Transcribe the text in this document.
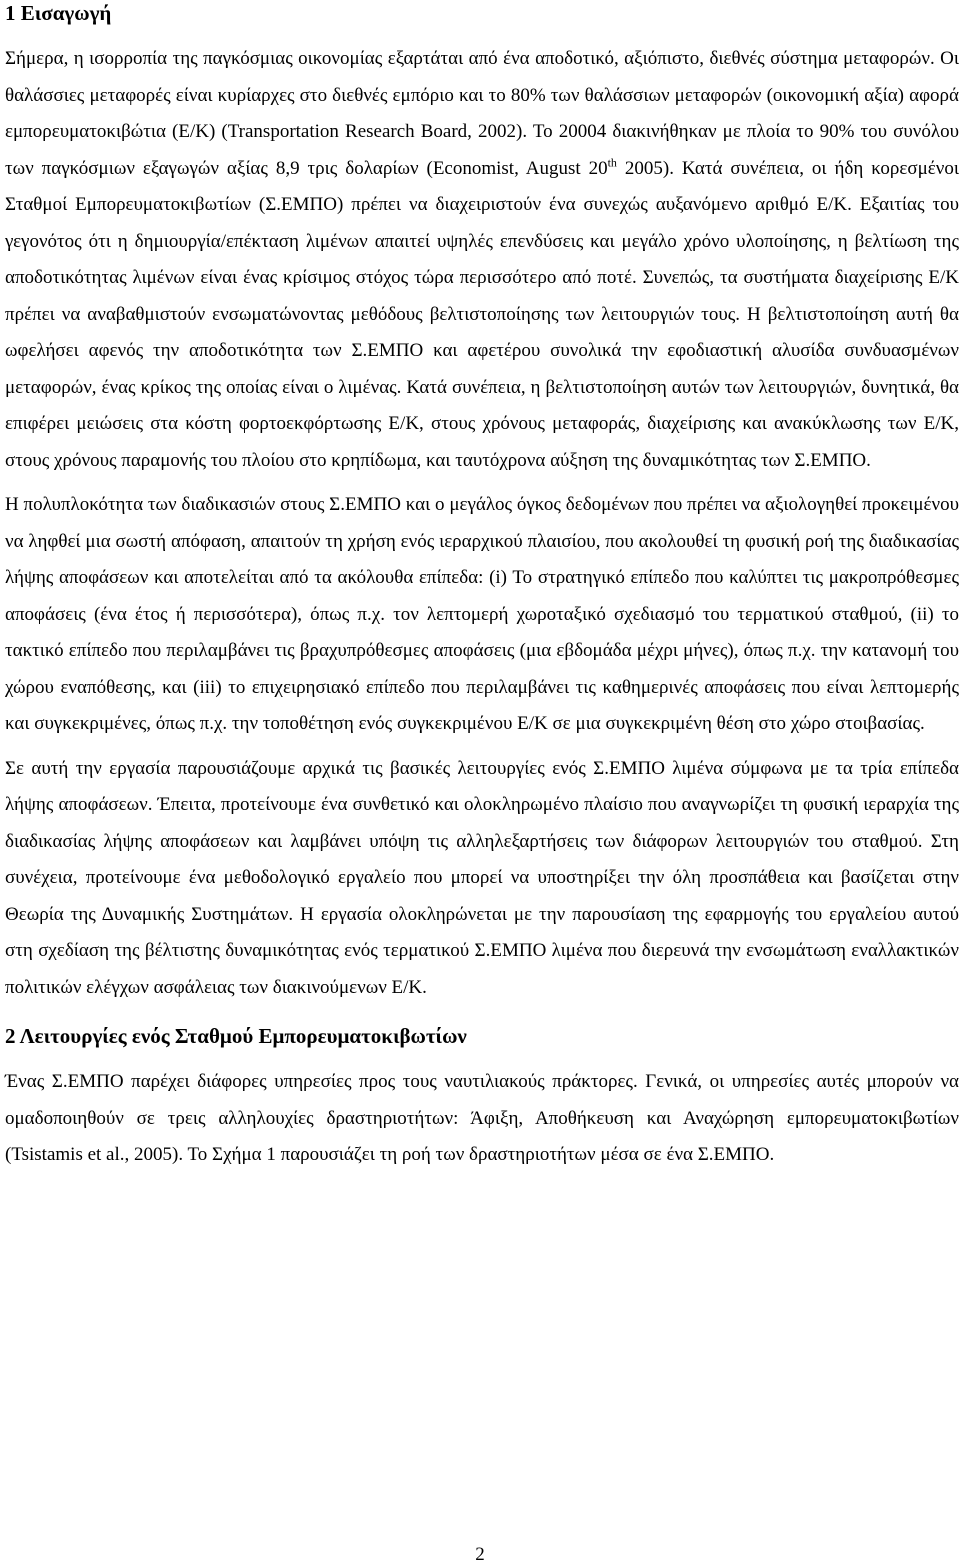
1 Εισαγωγή

Σήμερα, η ισορροπία της παγκόσμιας οικονομίας εξαρτάται από ένα αποδοτικό, αξιόπιστο, διεθνές σύστημα μεταφορών. Οι θαλάσσιες μεταφορές είναι κυρίαρχες στο διεθνές εμπόριο και το 80% των θαλάσσιων μεταφορών (οικονομική αξία) αφορά εμπορευματοκιβώτια (Ε/Κ) (Transportation Research Board, 2002). Το 20004 διακινήθηκαν με πλοία το 90% του συνόλου των παγκόσμιων εξαγωγών αξίας 8,9 τρις δολαρίων (Economist, August 20th 2005). Κατά συνέπεια, οι ήδη κορεσμένοι Σταθμοί Εμπορευματοκιβωτίων (Σ.ΕΜΠΟ) πρέπει να διαχειριστούν ένα συνεχώς αυξανόμενο αριθμό Ε/Κ. Εξαιτίας του γεγονότος ότι η δημιουργία/επέκταση λιμένων απαιτεί υψηλές επενδύσεις και μεγάλο χρόνο υλοποίησης, η βελτίωση της αποδοτικότητας λιμένων είναι ένας κρίσιμος στόχος τώρα περισσότερο από ποτέ. Συνεπώς, τα συστήματα διαχείρισης Ε/Κ πρέπει να αναβαθμιστούν ενσωματώνοντας μεθόδους βελτιστοποίησης των λειτουργιών τους. Η βελτιστοποίηση αυτή θα ωφελήσει αφενός την αποδοτικότητα των Σ.ΕΜΠΟ και αφετέρου συνολικά την εφοδιαστική αλυσίδα συνδυασμένων μεταφορών, ένας κρίκος της οποίας είναι ο λιμένας. Κατά συνέπεια, η βελτιστοποίηση αυτών των λειτουργιών, δυνητικά, θα επιφέρει μειώσεις στα κόστη φορτοεκφόρτωσης Ε/Κ, στους χρόνους μεταφοράς, διαχείρισης και ανακύκλωσης των Ε/Κ, στους χρόνους παραμονής του πλοίου στο κρηπίδωμα, και ταυτόχρονα αύξηση της δυναμικότητας των Σ.ΕΜΠΟ.

Η πολυπλοκότητα των διαδικασιών στους Σ.ΕΜΠΟ και ο μεγάλος όγκος δεδομένων που πρέπει να αξιολογηθεί προκειμένου να ληφθεί μια σωστή απόφαση, απαιτούν τη χρήση ενός ιεραρχικού πλαισίου, που ακολουθεί τη φυσική ροή της διαδικασίας λήψης αποφάσεων και αποτελείται από τα ακόλουθα επίπεδα: (i) Το στρατηγικό επίπεδο που καλύπτει τις μακροπρόθεσμες αποφάσεις (ένα έτος ή περισσότερα), όπως π.χ. τον λεπτομερή χωροταξικό σχεδιασμό του τερματικού σταθμού, (ii) το τακτικό επίπεδο που περιλαμβάνει τις βραχυπρόθεσμες αποφάσεις (μια εβδομάδα μέχρι μήνες), όπως π.χ. την κατανομή του χώρου εναπόθεσης, και (iii) το επιχειρησιακό επίπεδο που περιλαμβάνει τις καθημερινές αποφάσεις που είναι λεπτομερής και συγκεκριμένες, όπως π.χ. την τοποθέτηση ενός συγκεκριμένου Ε/Κ σε μια συγκεκριμένη θέση στο χώρο στοιβασίας.

Σε αυτή την εργασία παρουσιάζουμε αρχικά τις βασικές λειτουργίες ενός Σ.ΕΜΠΟ λιμένα σύμφωνα με τα τρία επίπεδα λήψης αποφάσεων. Έπειτα, προτείνουμε ένα συνθετικό και ολοκληρωμένο πλαίσιο που αναγνωρίζει τη φυσική ιεραρχία της διαδικασίας λήψης αποφάσεων και λαμβάνει υπόψη τις αλληλεξαρτήσεις των διάφορων λειτουργιών του σταθμού. Στη συνέχεια, προτείνουμε ένα μεθοδολογικό εργαλείο που μπορεί να υποστηρίξει την όλη προσπάθεια και βασίζεται στην Θεωρία της Δυναμικής Συστημάτων. Η εργασία ολοκληρώνεται με την παρουσίαση της εφαρμογής του εργαλείου αυτού στη σχεδίαση της βέλτιστης δυναμικότητας ενός τερματικού Σ.ΕΜΠΟ λιμένα που διερευνά την ενσωμάτωση εναλλακτικών πολιτικών ελέγχων ασφάλειας των διακινούμενων Ε/Κ.

2 Λειτουργίες ενός Σταθμού Εμπορευματοκιβωτίων

Ένας Σ.ΕΜΠΟ παρέχει διάφορες υπηρεσίες προς τους ναυτιλιακούς πράκτορες. Γενικά, οι υπηρεσίες αυτές μπορούν να ομαδοποιηθούν σε τρεις αλληλουχίες δραστηριοτήτων: Άφιξη, Αποθήκευση και Αναχώρηση εμπορευματοκιβωτίων (Tsistamis et al., 2005). Το Σχήμα 1 παρουσιάζει τη ροή των δραστηριοτήτων μέσα σε ένα Σ.ΕΜΠΟ.

2
